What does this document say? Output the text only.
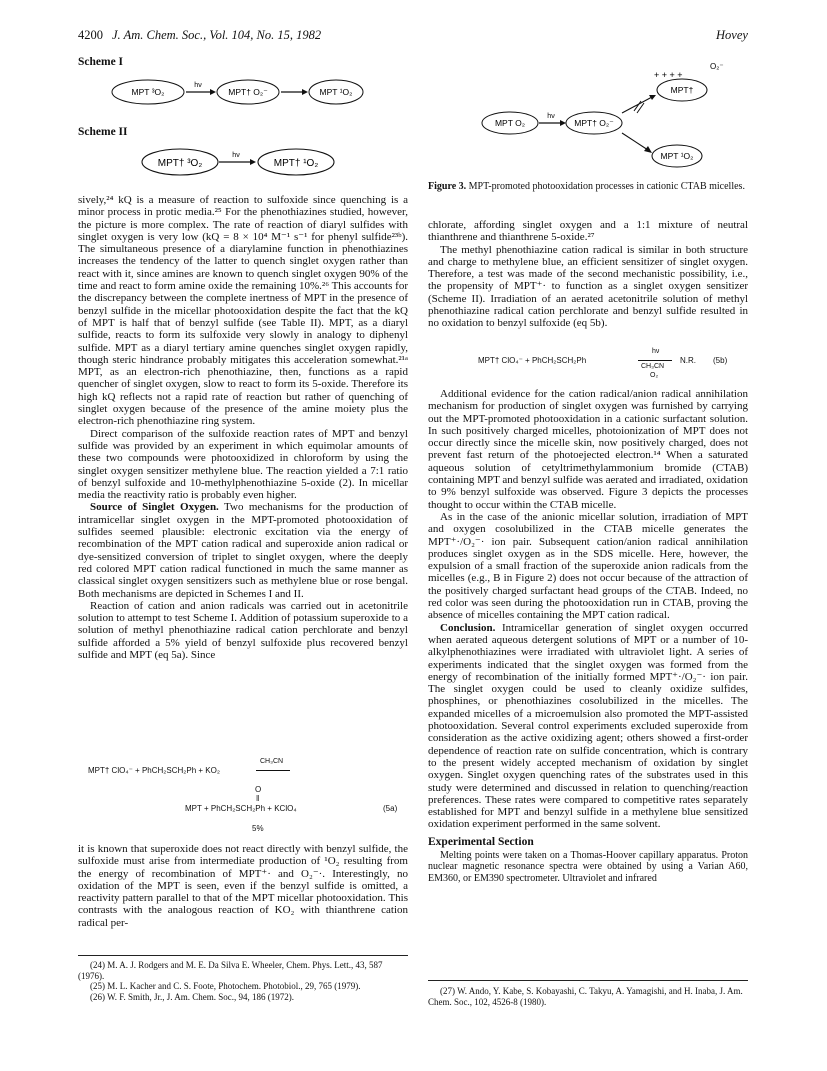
4200 J. Am. Chem. Soc., Vol. 104, No. 15, 1982	Hovey
Scheme I
MPT ³O₂
hν
MPT† O₂⁻	MPT ¹O₂
Scheme II
MPT† ³O₂
hν
MPT† ¹O₂
O₂⁻
+ + + +
MPT†
MPT O₂
hν
MPT† O₂⁻
MPT ¹O₂
Figure 3. MPT-promoted photooxidation processes in cationic CTAB micelles.

sively,²⁴ kQ is a measure of reaction to sulfoxide since quenching is a minor process in protic media.²⁵ For the phenothiazines studied, however, the picture is more complex. The rate of reaction of diaryl sulfides with singlet oxygen is very low (kQ = 8 × 10⁴ M⁻¹ s⁻¹ for phenyl sulfide²³ᵇ). The simultaneous presence of a diarylamine function in phenothiazines increases the tendency of the latter to quench singlet oxygen rather than react with it, since amines are known to quench singlet oxygen 90% of the time and react to form amine oxide the remaining 10%.²⁶ This accounts for the discrepancy between the complete inertness of MPT in the presence of benzyl sulfide in the micellar photooxidation despite the fact that the kQ of MPT is half that of benzyl sulfide (see Table II). MPT, as a diaryl sulfide, reacts to form its sulfoxide very slowly in analogy to diphenyl sulfide. MPT as a diaryl tertiary amine quenches singlet oxygen rapidly, though steric hindrance probably mitigates this acceleration somewhat.²¹ᵃ MPT, as an electron-rich phenothiazine, then, functions as a rapid quencher of singlet oxygen, slow to react to form its 5-oxide. Therefore its high kQ reflects not a rapid rate of reaction but rather of quenching of singlet oxygen because of the presence of the amine moiety plus the electron-rich phenothiazine ring system.

Direct comparison of the sulfoxide reaction rates of MPT and benzyl sulfide was provided by an experiment in which equimolar amounts of these two compounds were photooxidized in chloroform by using the singlet oxygen sensitizer methylene blue. The reaction yielded a 7:1 ratio of benzyl sulfoxide and 10-methylphenothiazine 5-oxide (2). In micellar media the reactivity ratio is probably even higher.

Source of Singlet Oxygen. Two mechanisms for the production of intramicellar singlet oxygen in the MPT-promoted photooxidation of sulfides seemed plausible: electronic excitation via the energy of recombination of the MPT cation radical and superoxide anion radical or dye-sensitized conversion of triplet to singlet oxygen, where the deeply red colored MPT cation radical functioned in much the same manner as classical singlet oxygen sensitizers such as methylene blue or rose bengal. Both mechanisms are depicted in Schemes I and II.

Reaction of cation and anion radicals was carried out in acetonitrile solution to attempt to test Scheme I. Addition of potassium superoxide to a solution of methyl phenothiazine radical cation perchlorate and benzyl sulfide afforded a 5% yield of benzyl sulfoxide plus recovered benzyl sulfide and MPT (eq 5a). Since

MPT† ClO₄⁻ + PhCH₂SCH₂Ph + KO₂
CH₃CN
O
‖
MPT + PhCH₂SCH₂Ph + KClO₄	(5a)
5%

it is known that superoxide does not react directly with benzyl sulfide, the sulfoxide must arise from intermediate production of ¹O₂ resulting from the energy of recombination of MPT⁺· and O₂⁻·. Interestingly, no oxidation of the MPT is seen, even if the benzyl sulfide is omitted, a reactivity pattern parallel to that of the MPT micellar photooxidation. This contrasts with the analogous reaction of KO₂ with thianthrene cation radical per-

(24) M. A. J. Rodgers and M. E. Da Silva E. Wheeler, Chem. Phys. Lett., 43, 587 (1976).
(25) M. L. Kacher and C. S. Foote, Photochem. Photobiol., 29, 765 (1979).
(26) W. F. Smith, Jr., J. Am. Chem. Soc., 94, 186 (1972).

chlorate, affording singlet oxygen and a 1:1 mixture of neutral thianthrene and thianthrene 5-oxide.²⁷

The methyl phenothiazine cation radical is similar in both structure and charge to methylene blue, an efficient sensitizer of singlet oxygen. Therefore, a test was made of the second mechanistic possibility, i.e., the propensity of MPT⁺· to function as a singlet oxygen sensitizer (Scheme II). Irradiation of an aerated acetonitrile solution of methyl phenothiazine radical cation perchlorate and benzyl sulfide resulted in no oxidation to benzyl sulfoxide (eq 5b).

MPT† ClO₄⁻ + PhCH₂SCH₂Ph
hν
CH₃CN
O₂
N.R. (5b)

Additional evidence for the cation radical/anion radical annihilation mechanism for production of singlet oxygen was furnished by carrying out the MPT-promoted photooxidation in a cationic surfactant solution. In such positively charged micelles, photoionization of MPT does not occur directly since the micelle skin, now positively charged, does not prevent fast return of the photoejected electron.¹⁴ When a saturated aqueous solution of cetyltrimethylammonium bromide (CTAB) containing MPT and benzyl sulfide was aerated and irradiated, oxidation to 9% benzyl sulfoxide was observed. Figure 3 depicts the processes thought to occur within the CTAB micelle.

As in the case of the anionic micellar solution, irradiation of MPT and oxygen cosolubilized in the CTAB micelle generates the MPT⁺·/O₂⁻· ion pair. Subsequent cation/anion radical annihilation produces singlet oxygen as in the SDS micelle. Here, however, the expulsion of a small fraction of the superoxide anion radicals from the micelles (e.g., B in Figure 2) does not occur because of the attraction of the positively charged surfactant head groups of the CTAB. Indeed, no red color was seen during the photooxidation run in CTAB, proving the absence of micelles containing the MPT cation radical.

Conclusion. Intramicellar generation of singlet oxygen occurred when aerated aqueous detergent solutions of MPT or a number of 10-alkylphenothiazines were irradiated with ultraviolet light. A series of experiments indicated that the singlet oxygen was formed from the energy of recombination of the initially formed MPT⁺·/O₂⁻· ion pair. The singlet oxygen could be used to cleanly oxidize sulfides, phosphines, or phenothiazines cosolubilized in the micelles. The expanded micelles of a microemulsion also promoted the MPT-assisted photooxidation. Several control experiments excluded superoxide from consideration as the active oxidizing agent; others showed a first-order dependence of reaction rate on sulfide concentration, which is contrary to the present widely accepted mechanism of oxidation by singlet oxygen. Singlet oxygen quenching rates of the substrates used in this study were determined and discussed in relation to quenching/reaction preferences. These rates were compared to competitive rates separately established for MPT and benzyl sulfide in a methylene blue sensitized oxidation experiment performed in the same solvent.

Experimental Section

Melting points were taken on a Thomas-Hoover capillary apparatus. Proton nuclear magnetic resonance spectra were obtained by using a Varian A60, EM360, or EM390 spectrometer. Ultraviolet and infrared

(27) W. Ando, Y. Kabe, S. Kobayashi, C. Takyu, A. Yamagishi, and H. Inaba, J. Am. Chem. Soc., 102, 4526-8 (1980).
